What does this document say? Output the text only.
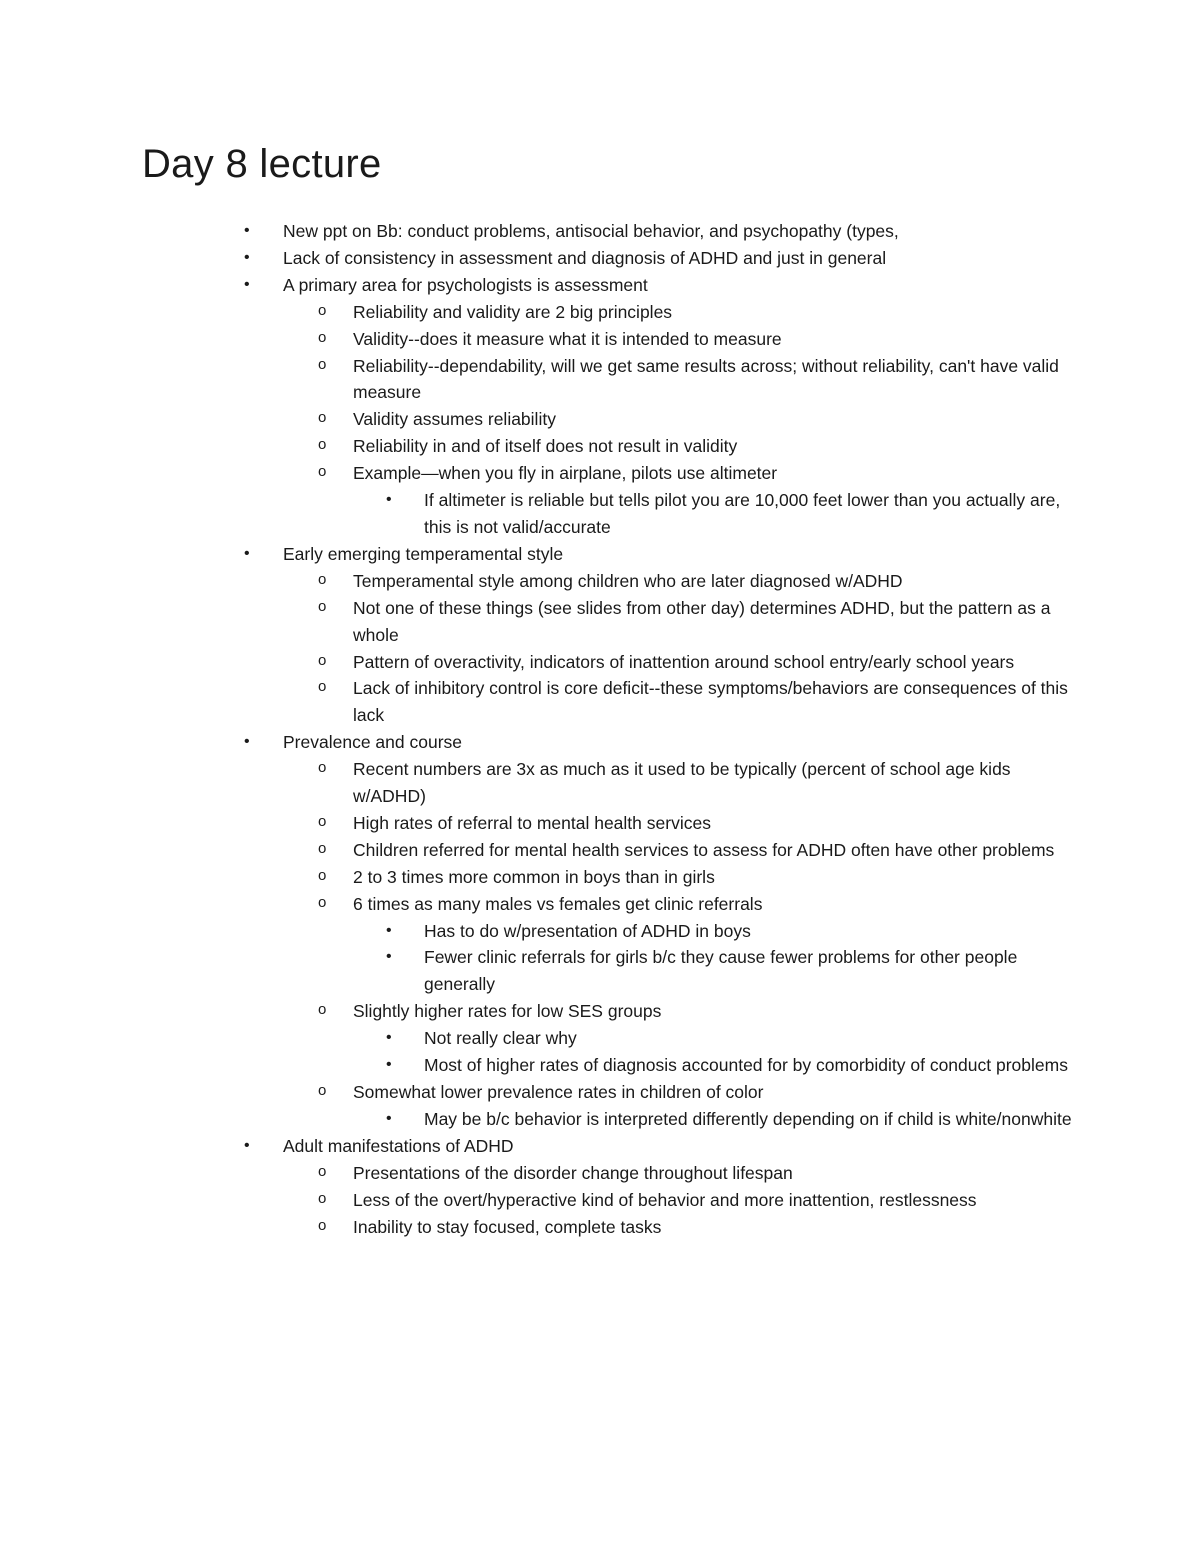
Day 8 lecture
• New ppt on Bb: conduct problems, antisocial behavior, and psychopathy (types,
• Lack of consistency in assessment and diagnosis of ADHD and just in general
• A primary area for psychologists is assessment
o Reliability and validity are 2 big principles
o Validity--does it measure what it is intended to measure
o Reliability--dependability, will we get same results across; without reliability, can't have valid measure
o Validity assumes reliability
o Reliability in and of itself does not result in validity
o Example—when you fly in airplane, pilots use altimeter
• If altimeter is reliable but tells pilot you are 10,000 feet lower than you actually are, this is not valid/accurate
• Early emerging temperamental style
o Temperamental style among children who are later diagnosed w/ADHD
o Not one of these things (see slides from other day) determines ADHD, but the pattern as a whole
o Pattern of overactivity, indicators of inattention around school entry/early school years
o Lack of inhibitory control is core deficit--these symptoms/behaviors are consequences of this lack
• Prevalence and course
o Recent numbers are 3x as much as it used to be typically (percent of school age kids w/ADHD)
o High rates of referral to mental health services
o Children referred for mental health services to assess for ADHD often have other problems
o 2 to 3 times more common in boys than in girls
o 6 times as many males vs females get clinic referrals
• Has to do w/presentation of ADHD in boys
• Fewer clinic referrals for girls b/c they cause fewer problems for other people generally
o Slightly higher rates for low SES groups
• Not really clear why
• Most of higher rates of diagnosis accounted for by comorbidity of conduct problems
o Somewhat lower prevalence rates in children of color
• May be b/c behavior is interpreted differently depending on if child is white/nonwhite
• Adult manifestations of ADHD
o Presentations of the disorder change throughout lifespan
o Less of the overt/hyperactive kind of behavior and more inattention, restlessness
o Inability to stay focused, complete tasks
